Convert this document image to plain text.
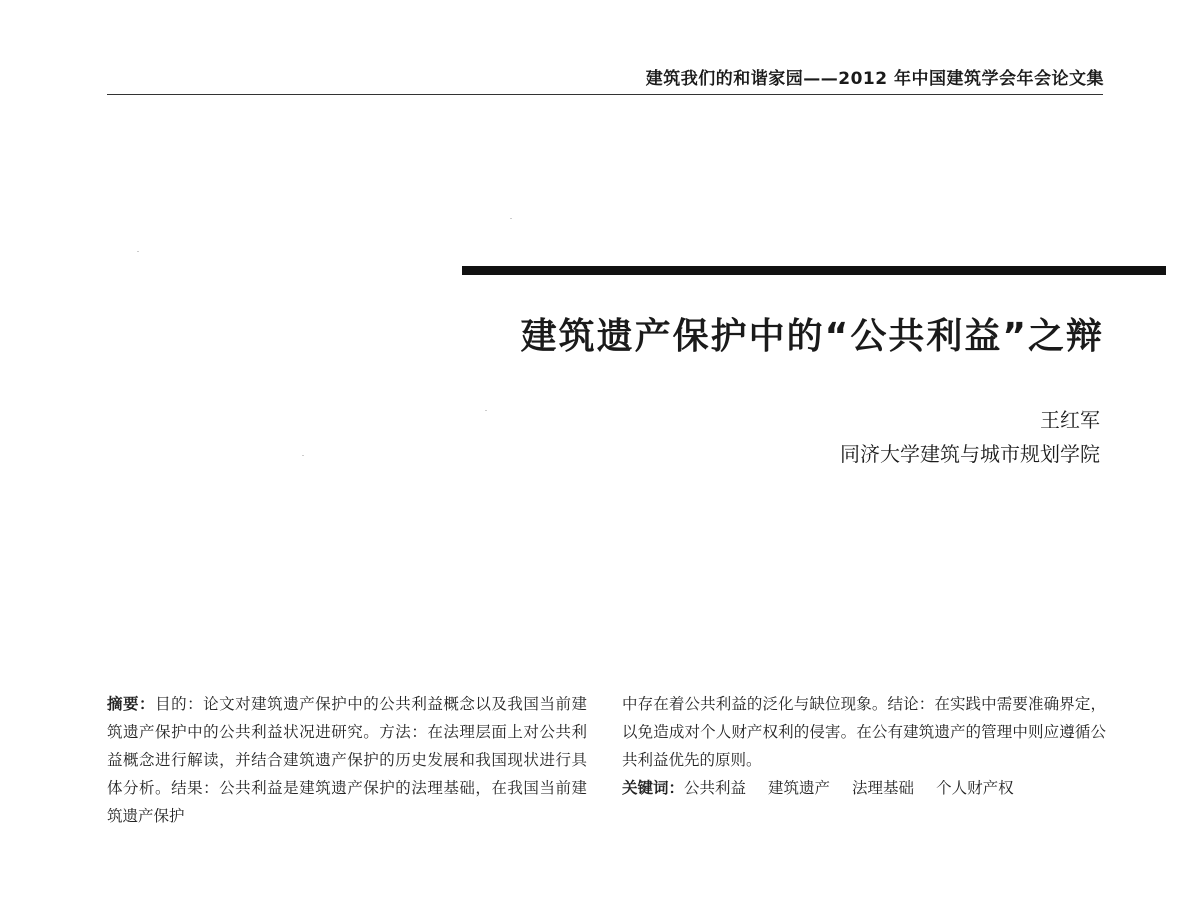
建筑我们的和谐家园——2012 年中国建筑学会年会论文集
建筑遗产保护中的“公共利益”之辩
王红军
同济大学建筑与城市规划学院
摘要：目的：论文对建筑遗产保护中的公共利益概念以及我国当前建筑遗产保护中的公共利益状况进研究。方法：在法理层面上对公共利益概念进行解读，并结合建筑遗产保护的历史发展和我国现状进行具体分析。结果：公共利益是建筑遗产保护的法理基础，在我国当前建筑遗产保护
中存在着公共利益的泛化与缺位现象。结论：在实践中需要准确界定，以免造成对个人财产权利的侵害。在公有建筑遗产的管理中则应遵循公共利益优先的原则。
关键词：公共利益 建筑遗产 法理基础 个人财产权
